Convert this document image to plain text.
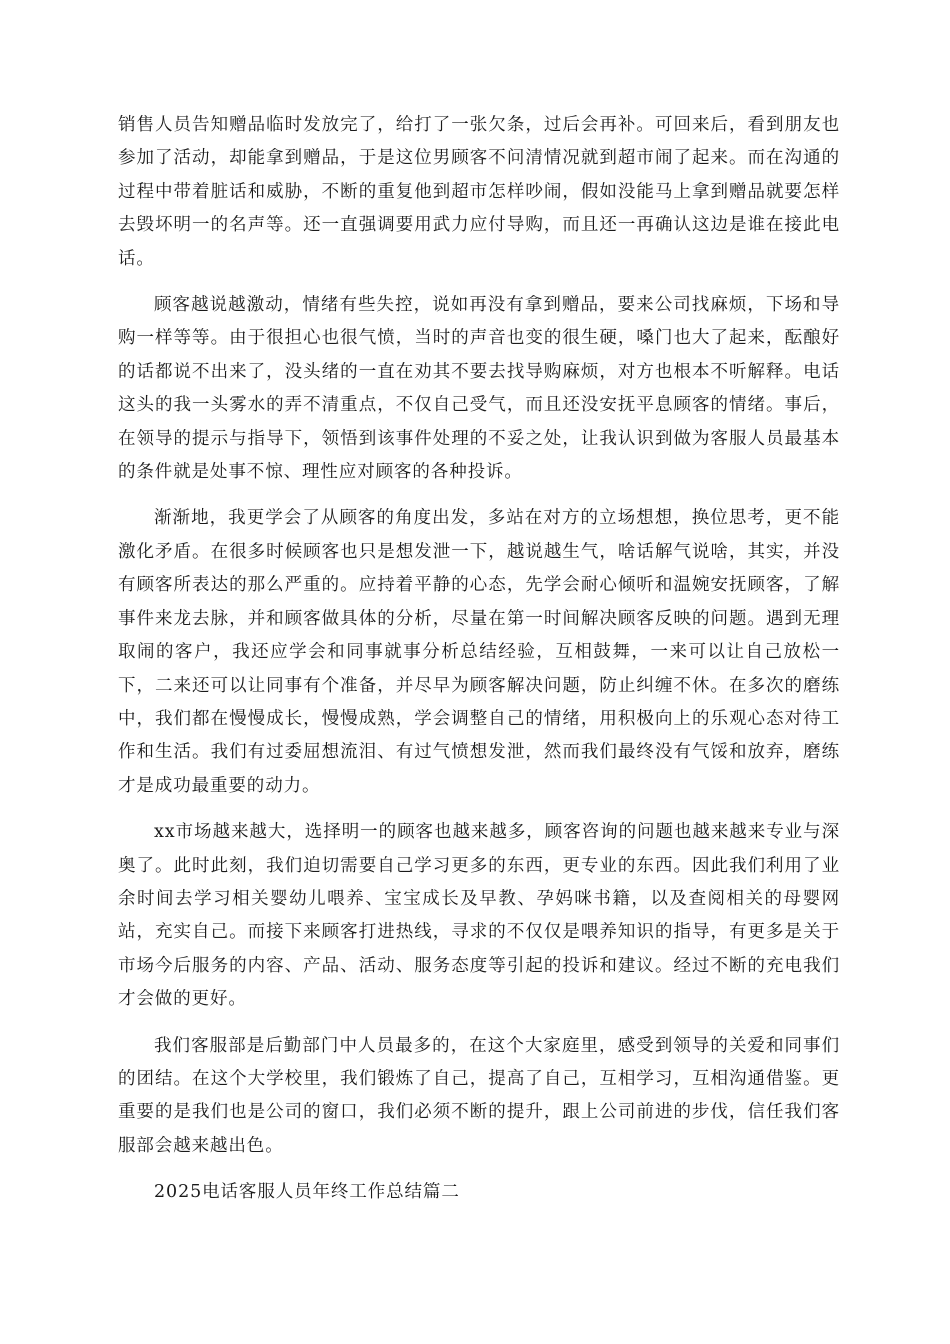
销售人员告知赠品临时发放完了，给打了一张欠条，过后会再补。可回来后，看到朋友也参加了活动，却能拿到赠品，于是这位男顾客不问清情况就到超市闹了起来。而在沟通的过程中带着脏话和威胁，不断的重复他到超市怎样吵闹，假如没能马上拿到赠品就要怎样去毁坏明一的名声等。还一直强调要用武力应付导购，而且还一再确认这边是谁在接此电话。

顾客越说越激动，情绪有些失控，说如再没有拿到赠品，要来公司找麻烦，下场和导购一样等等。由于很担心也很气愤，当时的声音也变的很生硬，嗓门也大了起来，酝酿好的话都说不出来了，没头绪的一直在劝其不要去找导购麻烦，对方也根本不听解释。电话这头的我一头雾水的弄不清重点，不仅自己受气，而且还没安抚平息顾客的情绪。事后，在领导的提示与指导下，领悟到该事件处理的不妥之处，让我认识到做为客服人员最基本的条件就是处事不惊、理性应对顾客的各种投诉。

渐渐地，我更学会了从顾客的角度出发，多站在对方的立场想想，换位思考，更不能激化矛盾。在很多时候顾客也只是想发泄一下，越说越生气，啥话解气说啥，其实，并没有顾客所表达的那么严重的。应持着平静的心态，先学会耐心倾听和温婉安抚顾客，了解事件来龙去脉，并和顾客做具体的分析，尽量在第一时间解决顾客反映的问题。遇到无理取闹的客户，我还应学会和同事就事分析总结经验，互相鼓舞，一来可以让自己放松一下，二来还可以让同事有个准备，并尽早为顾客解决问题，防止纠缠不休。在多次的磨练中，我们都在慢慢成长，慢慢成熟，学会调整自己的情绪，用积极向上的乐观心态对待工作和生活。我们有过委屈想流泪、有过气愤想发泄，然而我们最终没有气馁和放弃，磨练才是成功最重要的动力。

xx市场越来越大，选择明一的顾客也越来越多，顾客咨询的问题也越来越来专业与深奥了。此时此刻，我们迫切需要自己学习更多的东西，更专业的东西。因此我们利用了业余时间去学习相关婴幼儿喂养、宝宝成长及早教、孕妈咪书籍，以及查阅相关的母婴网站，充实自己。而接下来顾客打进热线，寻求的不仅仅是喂养知识的指导，有更多是关于市场今后服务的内容、产品、活动、服务态度等引起的投诉和建议。经过不断的充电我们才会做的更好。

我们客服部是后勤部门中人员最多的，在这个大家庭里，感受到领导的关爱和同事们的团结。在这个大学校里，我们锻炼了自己，提高了自己，互相学习，互相沟通借鉴。更重要的是我们也是公司的窗口，我们必须不断的提升，跟上公司前进的步伐，信任我们客服部会越来越出色。

2025电话客服人员年终工作总结篇二
